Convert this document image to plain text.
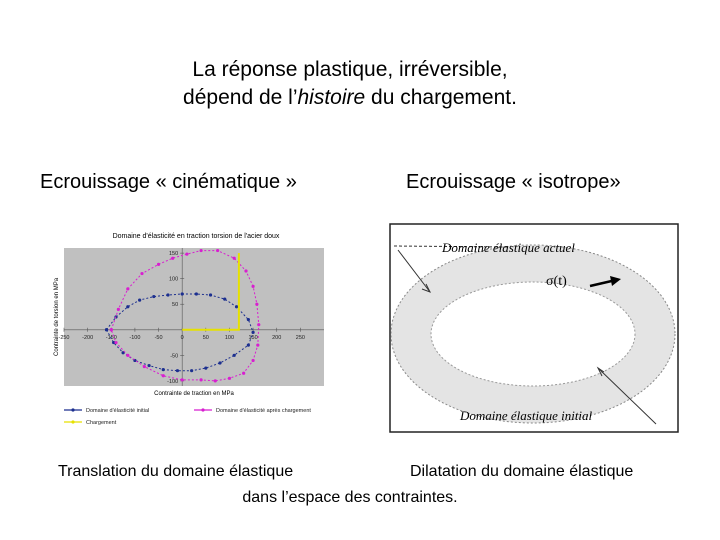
La réponse plastique, irréversible,
dépend de l’histoire du chargement.
Ecrouissage « cinématique »	Ecrouissage « isotrope»
Domaine d'élasticité en traction torsion de l'acier doux
-250 -200 -150 -100	-50	0	50	100	150	200	250
150
100
50
-50
-100
Contrainte de torsion en MPa
Contrainte de traction en MPa
Domaine d'élasticité initial	Domaine d'élasticité après chargement
Chargement
Domaine élastique actuel
σ(t)
Domaine élastique initial
Translation du domaine élastique	Dilatation du domaine élastique
dans l’espace des contraintes.
